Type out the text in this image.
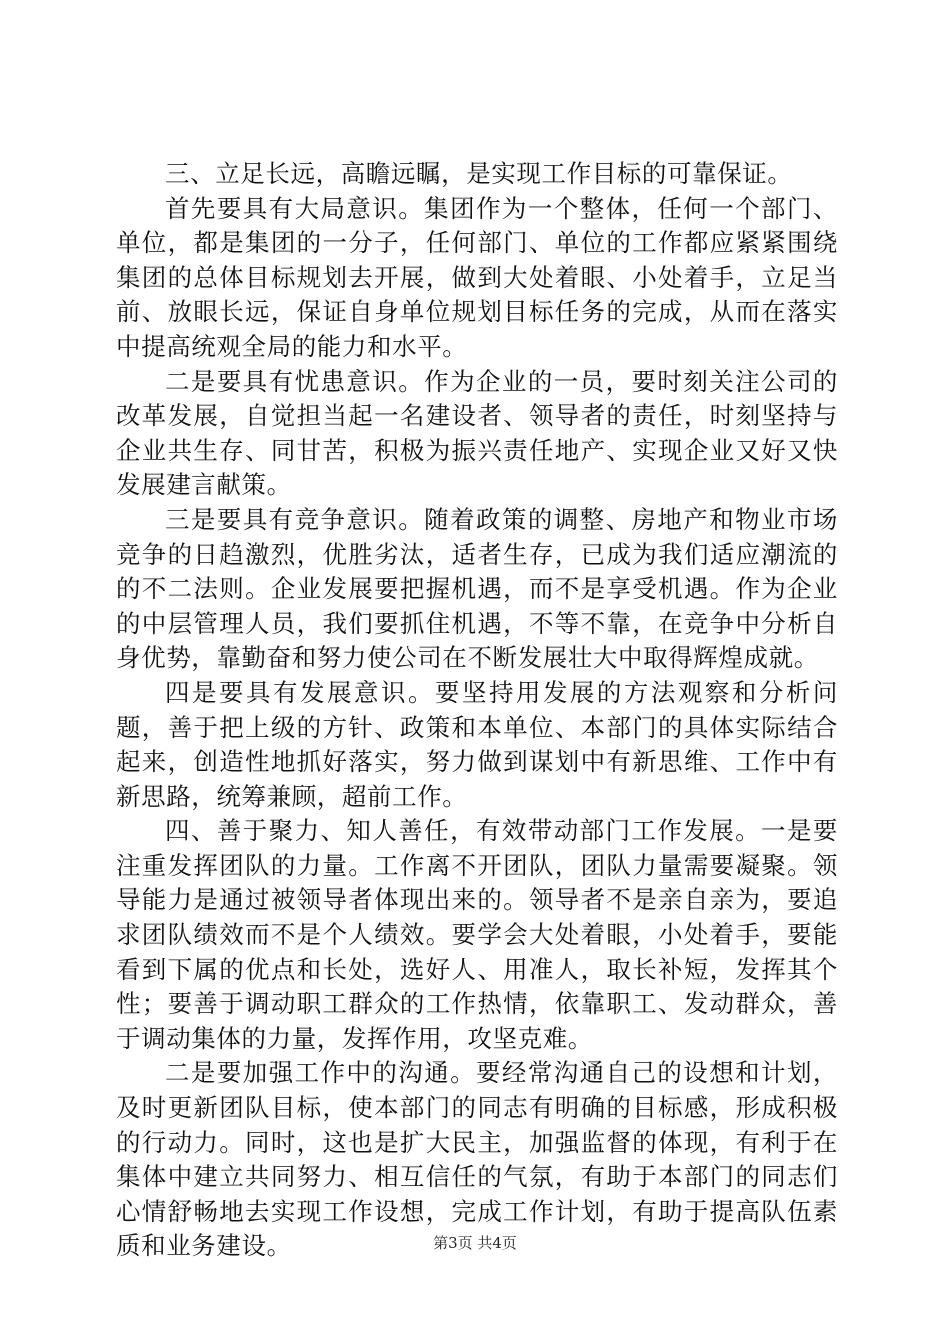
三、立足长远，高瞻远瞩，是实现工作目标的可靠保证。

首先要具有大局意识。集团作为一个整体，任何一个部门、单位，都是集团的一分子，任何部门、单位的工作都应紧紧围绕集团的总体目标规划去开展，做到大处着眼、小处着手，立足当前、放眼长远，保证自身单位规划目标任务的完成，从而在落实中提高统观全局的能力和水平。

二是要具有忧患意识。作为企业的一员，要时刻关注公司的改革发展，自觉担当起一名建设者、领导者的责任，时刻坚持与企业共生存、同甘苦，积极为振兴责任地产、实现企业又好又快发展建言献策。

三是要具有竞争意识。随着政策的调整、房地产和物业市场竞争的日趋激烈，优胜劣汰，适者生存，已成为我们适应潮流的的不二法则。企业发展要把握机遇，而不是享受机遇。作为企业的中层管理人员，我们要抓住机遇，不等不靠，在竞争中分析自身优势，靠勤奋和努力使公司在不断发展壮大中取得辉煌成就。

四是要具有发展意识。要坚持用发展的方法观察和分析问题，善于把上级的方针、政策和本单位、本部门的具体实际结合起来，创造性地抓好落实，努力做到谋划中有新思维、工作中有新思路，统筹兼顾，超前工作。

四、善于聚力、知人善任，有效带动部门工作发展。一是要注重发挥团队的力量。工作离不开团队，团队力量需要凝聚。领导能力是通过被领导者体现出来的。领导者不是亲自亲为，要追求团队绩效而不是个人绩效。要学会大处着眼，小处着手，要能看到下属的优点和长处，选好人、用准人，取长补短，发挥其个性；要善于调动职工群众的工作热情，依靠职工、发动群众，善于调动集体的力量，发挥作用，攻坚克难。

二是要加强工作中的沟通。要经常沟通自己的设想和计划，及时更新团队目标，使本部门的同志有明确的目标感，形成积极的行动力。同时，这也是扩大民主，加强监督的体现，有利于在集体中建立共同努力、相互信任的气氛，有助于本部门的同志们心情舒畅地去实现工作设想，完成工作计划，有助于提高队伍素质和业务建设。	第3页 共4页
